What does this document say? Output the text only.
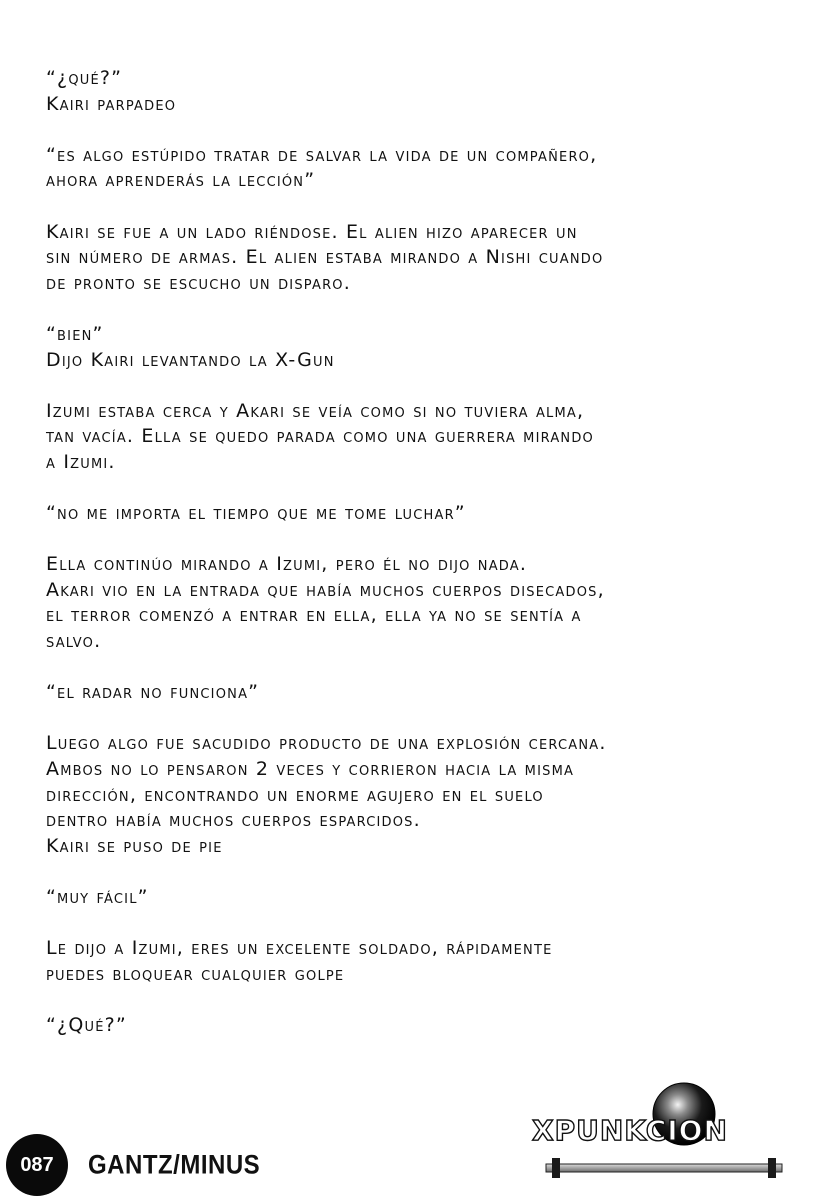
“¿qué?”
Kairi parpadeo
“es algo estúpido tratar de salvar la vida de un compañero,
ahora aprenderás la lección”
Kairi se fue a un lado riéndose. El alien hizo aparecer un
sin número de armas. El alien estaba mirando a Nishi cuando
de pronto se escucho un disparo.
“bien”
Dijo Kairi levantando la X-Gun
Izumi estaba cerca y Akari se veía como si no tuviera alma,
tan vacía. Ella se quedo parada como una guerrera mirando
a Izumi.
“no me importa el tiempo que me tome luchar”
Ella continúo mirando a Izumi, pero él no dijo nada.
Akari vio en la entrada que había muchos cuerpos disecados,
el terror comenzó a entrar en ella, ella ya no se sentía a
salvo.
“el radar no funciona”
Luego algo fue sacudido producto de una explosión cercana.
Ambos no lo pensaron 2 veces y corrieron hacia la misma
dirección, encontrando un enorme agujero en el suelo
dentro había muchos cuerpos esparcidos.
Kairi se puso de pie
“muy fácil”
Le dijo a Izumi, eres un excelente soldado, rápidamente
puedes bloquear cualquier golpe
“¿Qué?”
087 GANTZ/MINUS
XPUNKCION
